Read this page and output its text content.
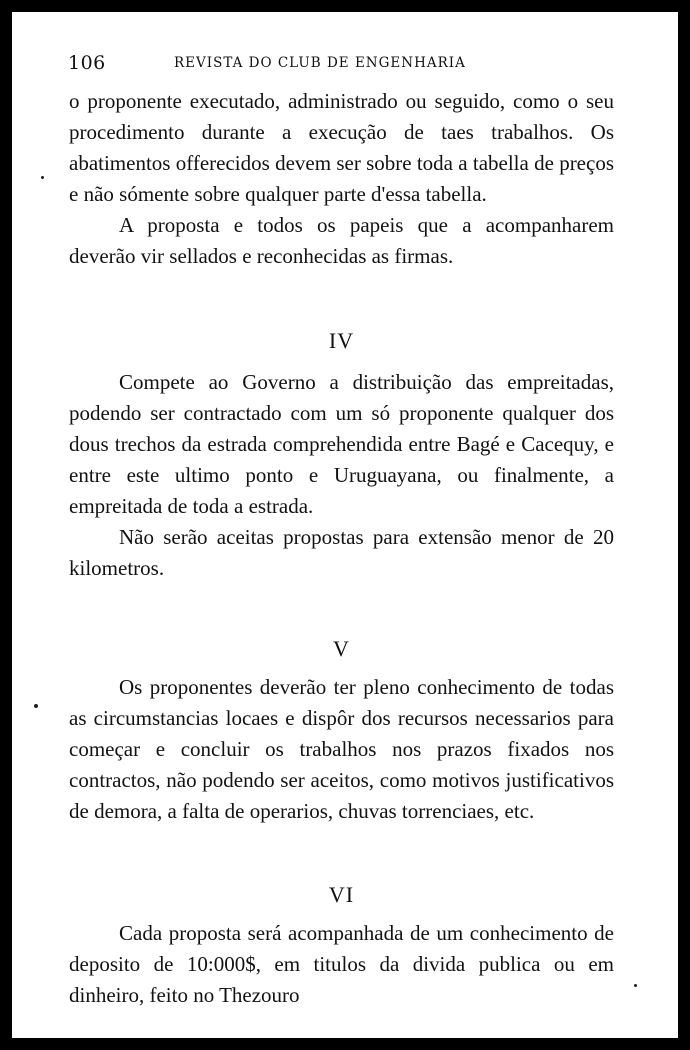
106	REVISTA DO CLUB DE ENGENHARIA

o proponente executado, administrado ou seguido, como o seu procedimento durante a execução de taes trabalhos. Os abatimentos offerecidos devem ser sobre toda a tabella de preços e não sómente sobre qualquer parte d'essa tabella.

A proposta e todos os papeis que a acompanharem deverão vir sellados e reconhecidas as firmas.

IV

Compete ao Governo a distribuição das empreitadas, podendo ser contractado com um só proponente qualquer dos dous trechos da estrada comprehendida entre Bagé e Cacequy, e entre este ultimo ponto e Uruguayana, ou finalmente, a empreitada de toda a estrada.

Não serão aceitas propostas para extensão menor de 20 kilometros.

V

Os proponentes deverão ter pleno conhecimento de todas as circumstancias locaes e dispôr dos recursos necessarios para começar e concluir os trabalhos nos prazos fixados nos contractos, não podendo ser aceitos, como motivos justificativos de demora, a falta de operarios, chuvas torrenciaes, etc.

VI

Cada proposta será acompanhada de um conhecimento de deposito de 10:000$, em titulos da divida publica ou em dinheiro, feito no Thezouro
